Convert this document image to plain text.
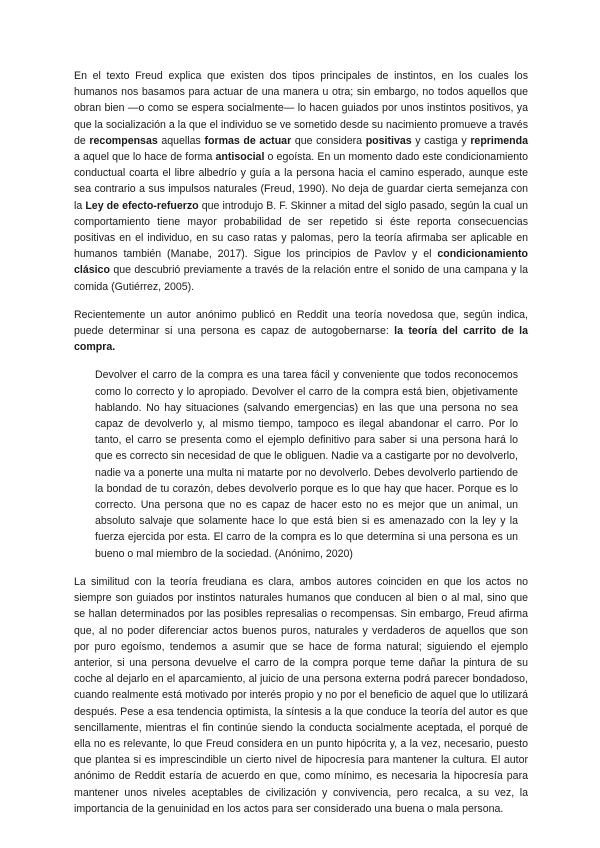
En el texto Freud explica que existen dos tipos principales de instintos, en los cuales los humanos nos basamos para actuar de una manera u otra; sin embargo, no todos aquellos que obran bien —o como se espera socialmente— lo hacen guiados por unos instintos positivos, ya que la socialización a la que el individuo se ve sometido desde su nacimiento promueve a través de recompensas aquellas formas de actuar que considera positivas y castiga y reprimenda a aquel que lo hace de forma antisocial o egoísta. En un momento dado este condicionamiento conductual coarta el libre albedrío y guía a la persona hacia el camino esperado, aunque este sea contrario a sus impulsos naturales (Freud, 1990). No deja de guardar cierta semejanza con la Ley de efecto-refuerzo que introdujo B. F. Skinner a mitad del siglo pasado, según la cual un comportamiento tiene mayor probabilidad de ser repetido si éste reporta consecuencias positivas en el individuo, en su caso ratas y palomas, pero la teoría afirmaba ser aplicable en humanos también (Manabe, 2017). Sigue los principios de Pavlov y el condicionamiento clásico que descubrió previamente a través de la relación entre el sonido de una campana y la comida (Gutiérrez, 2005).

Recientemente un autor anónimo publicó en Reddit una teoría novedosa que, según indica, puede determinar si una persona es capaz de autogobernarse: la teoría del carrito de la compra.

Devolver el carro de la compra es una tarea fácil y conveniente que todos reconocemos como lo correcto y lo apropiado. Devolver el carro de la compra está bien, objetivamente hablando. No hay situaciones (salvando emergencias) en las que una persona no sea capaz de devolverlo y, al mismo tiempo, tampoco es ilegal abandonar el carro. Por lo tanto, el carro se presenta como el ejemplo definitivo para saber si una persona hará lo que es correcto sin necesidad de que le obliguen. Nadie va a castigarte por no devolverlo, nadie va a ponerte una multa ni matarte por no devolverlo. Debes devolverlo partiendo de la bondad de tu corazón, debes devolverlo porque es lo que hay que hacer. Porque es lo correcto. Una persona que no es capaz de hacer esto no es mejor que un animal, un absoluto salvaje que solamente hace lo que está bien si es amenazado con la ley y la fuerza ejercida por esta. El carro de la compra es lo que determina si una persona es un bueno o mal miembro de la sociedad. (Anónimo, 2020)

La similitud con la teoría freudiana es clara, ambos autores coinciden en que los actos no siempre son guiados por instintos naturales humanos que conducen al bien o al mal, sino que se hallan determinados por las posibles represalias o recompensas. Sin embargo, Freud afirma que, al no poder diferenciar actos buenos puros, naturales y verdaderos de aquellos que son por puro egoísmo, tendemos a asumir que se hace de forma natural; siguiendo el ejemplo anterior, si una persona devuelve el carro de la compra porque teme dañar la pintura de su coche al dejarlo en el aparcamiento, al juicio de una persona externa podrá parecer bondadoso, cuando realmente está motivado por interés propio y no por el beneficio de aquel que lo utilizará después. Pese a esa tendencia optimista, la síntesis a la que conduce la teoría del autor es que sencillamente, mientras el fin continúe siendo la conducta socialmente aceptada, el porqué de ella no es relevante, lo que Freud considera en un punto hipócrita y, a la vez, necesario, puesto que plantea si es imprescindible un cierto nivel de hipocresía para mantener la cultura. El autor anónimo de Reddit estaría de acuerdo en que, como mínimo, es necesaria la hipocresía para mantener unos niveles aceptables de civilización y convivencia, pero recalca, a su vez, la importancia de la genuinidad en los actos para ser considerado una buena o mala persona.
